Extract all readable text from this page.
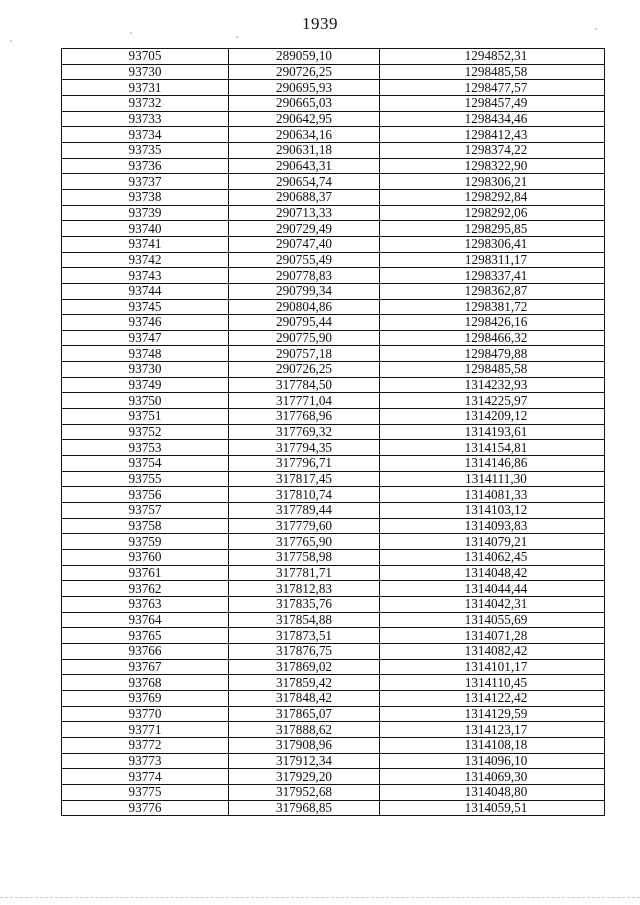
1939
93705	289059,10	1294852,31
93730	290726,25	1298485,58
93731	290695,93	1298477,57
93732	290665,03	1298457,49
93733	290642,95	1298434,46
93734	290634,16	1298412,43
93735	290631,18	1298374,22
93736	290643,31	1298322,90
93737	290654,74	1298306,21
93738	290688,37	1298292,84
93739	290713,33	1298292,06
93740	290729,49	1298295,85
93741	290747,40	1298306,41
93742	290755,49	1298311,17
93743	290778,83	1298337,41
93744	290799,34	1298362,87
93745	290804,86	1298381,72
93746	290795,44	1298426,16
93747	290775,90	1298466,32
93748	290757,18	1298479,88
93730	290726,25	1298485,58
93749	317784,50	1314232,93
93750	317771,04	1314225,97
93751	317768,96	1314209,12
93752	317769,32	1314193,61
93753	317794,35	1314154,81
93754	317796,71	1314146,86
93755	317817,45	1314111,30
93756	317810,74	1314081,33
93757	317789,44	1314103,12
93758	317779,60	1314093,83
93759	317765,90	1314079,21
93760	317758,98	1314062,45
93761	317781,71	1314048,42
93762	317812,83	1314044,44
93763	317835,76	1314042,31
93764	317854,88	1314055,69
93765	317873,51	1314071,28
93766	317876,75	1314082,42
93767	317869,02	1314101,17
93768	317859,42	1314110,45
93769	317848,42	1314122,42
93770	317865,07	1314129,59
93771	317888,62	1314123,17
93772	317908,96	1314108,18
93773	317912,34	1314096,10
93774	317929,20	1314069,30
93775	317952,68	1314048,80
93776	317968,85	1314059,51
